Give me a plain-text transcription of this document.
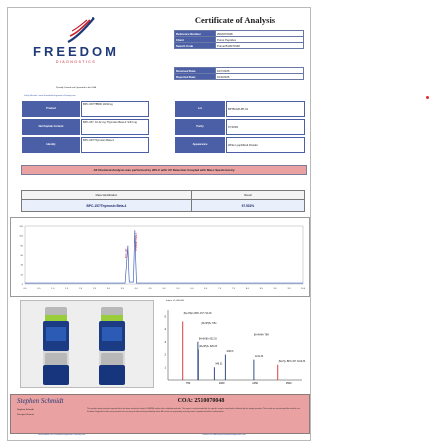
FREEDOM
DIAGNOSTICS
Proudly Owned and Operated in the USA
Verify Results: www.FreedomDiagnosticsTesting.com
Certificate of Analysis
Reference Number	2510070048
Client	Purus Peptides
Search Code	Purus2510070048
Received Date:	10/7/2025
Reported Date:	10/9/2025
Product
BPC-157/TB500 10/10mg
Net Peptide Content
BPC-157: 10.22 mg Thymosin Beta-4: 9.84 mg
Identity
BPC-157/Thymosin Beta-4
Lot	BPTB-026-PP-01
Purity	97.533%
Appearance	White Lyophilized Powder
All Chemical Analysis was performed by HPLC with UV Detection Coupled with Mass Spectrometry
Mass Identification	Result
BPC-157/Thymosin Beta-4	97.533%
0.0	0.5	1.0	1.5	2.0	2.5	3.0	3.5	4.0	4.5	5.0	5.5	6.0	6.5	7.0	7.5	8.0	8.5	9.0	9.5	10.0
120
100
80
60
40
20
0
BPC-157
Thymosin Beta-4
Intens. x1,000,000
5
4
3
2
1
750	1000	1250	1500
[M+2H]2+ BPC-157 710.18
[M+5H]5+ TB4
[M+4H]4+ TB4
[M+6H]6+ 823.33
[M+3H]3+ 826.03
1028.6
1241.33
[M+H]+ BPC-157 1419.33
946.31
Stephen Schmidt
Stephen Schmidt
Principal Chemist
COA: 2510070048
This product purity analysis reported here has been conducted using LC-MS/MS and/or other validated methods. This report is only intended for the specific sample tested and as labeled by the sample provider. The results are not intended for medical use. Freedom Diagnostics does not guarantee the accuracy of information provided by client. All results are proprietary and may not be reproduced without authorization.
Searchable via: FreedomDiagnosticsTesting.com	Contact us: Attorney.FreedomDiagnostics.net
